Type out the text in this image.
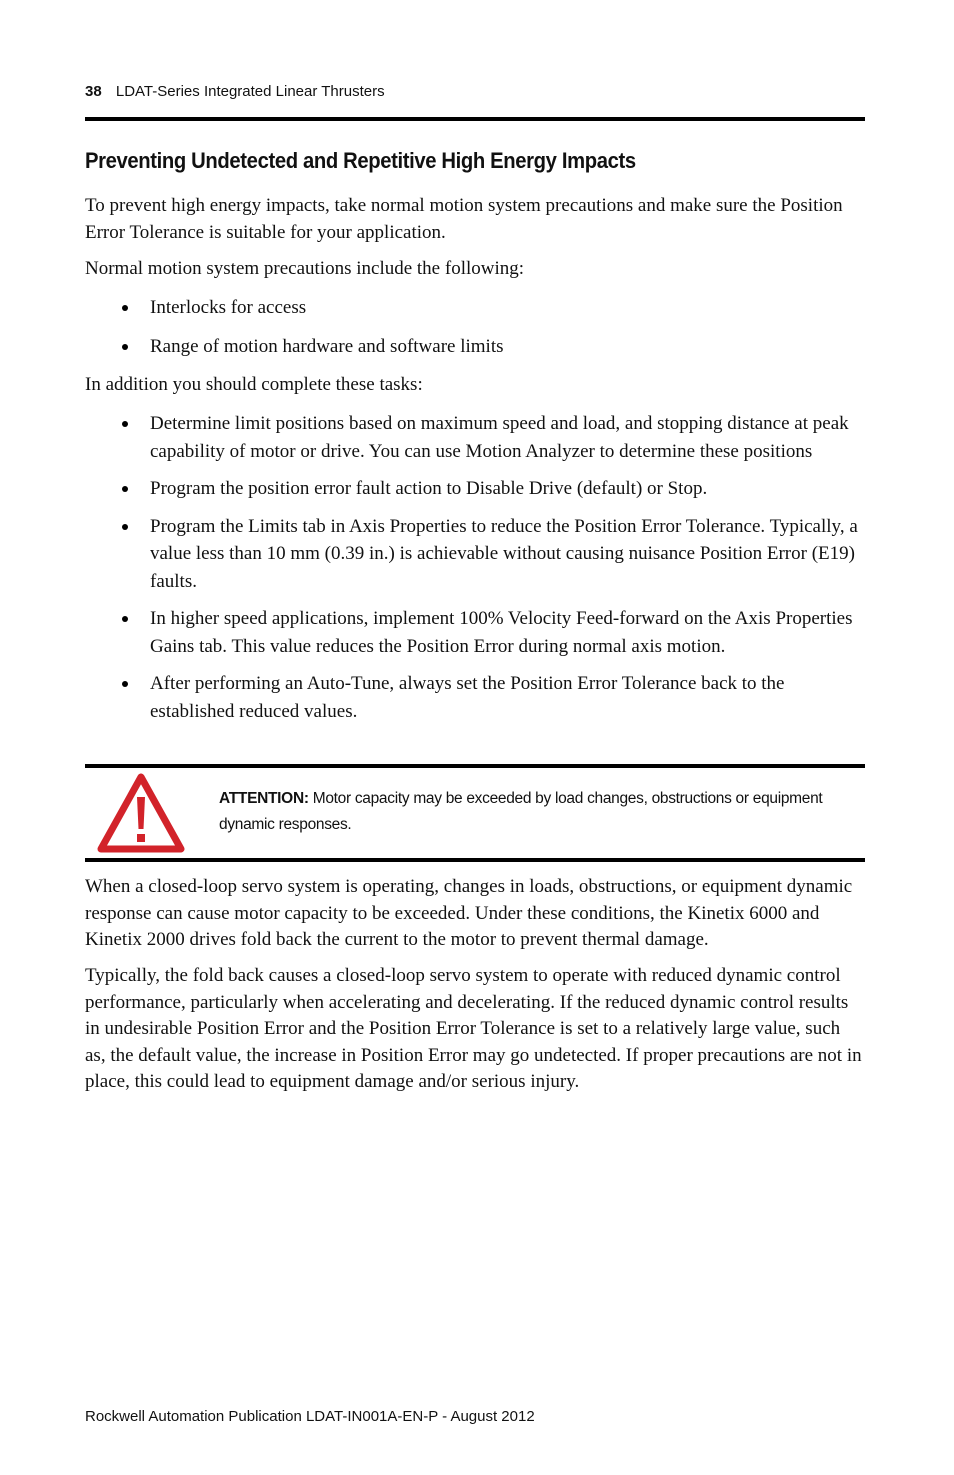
38 LDAT-Series Integrated Linear Thrusters
Preventing Undetected and Repetitive High Energy Impacts

To prevent high energy impacts, take normal motion system precautions and make sure the Position Error Tolerance is suitable for your application.

Normal motion system precautions include the following:

Interlocks for access
Range of motion hardware and software limits

In addition you should complete these tasks:

Determine limit positions based on maximum speed and load, and stopping distance at peak capability of motor or drive. You can use Motion Analyzer to determine these positions
Program the position error fault action to Disable Drive (default) or Stop.
Program the Limits tab in Axis Properties to reduce the Position Error Tolerance. Typically, a value less than 10 mm (0.39 in.) is achievable without causing nuisance Position Error (E19) faults.
In higher speed applications, implement 100% Velocity Feed-forward on the Axis Properties Gains tab. This value reduces the Position Error during normal axis motion.
After performing an Auto-Tune, always set the Position Error Tolerance back to the established reduced values.
ATTENTION: Motor capacity may be exceeded by load changes, obstructions or equipment dynamic responses.

When a closed-loop servo system is operating, changes in loads, obstructions, or equipment dynamic response can cause motor capacity to be exceeded. Under these conditions, the Kinetix 6000 and Kinetix 2000 drives fold back the current to the motor to prevent thermal damage.

Typically, the fold back causes a closed-loop servo system to operate with reduced dynamic control performance, particularly when accelerating and decelerating. If the reduced dynamic control results in undesirable Position Error and the Position Error Tolerance is set to a relatively large value, such as, the default value, the increase in Position Error may go undetected. If proper precautions are not in place, this could lead to equipment damage and/or serious injury.

Rockwell Automation Publication LDAT-IN001A-EN-P - August 2012
